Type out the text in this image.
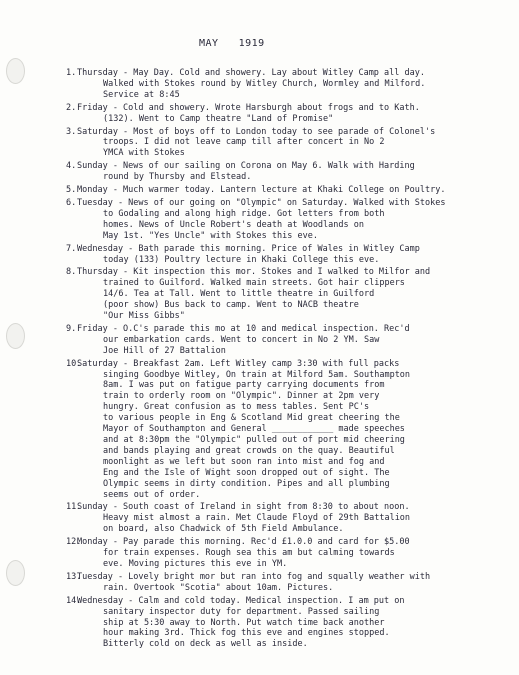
MAY 1919
1. Thursday - May Day. Cold and showery. Lay about Witley Camp all day.
Walked with Stokes round by Witley Church, Wormley and Milford.
Service at 8:45
2. Friday - Cold and showery. Wrote Harsburgh about frogs and to Kath.
(132). Went to Camp theatre "Land of Promise"
3. Saturday - Most of boys off to London today to see parade of Colonel's
troops. I did not leave camp till after concert in No 2
YMCA with Stokes
4. Sunday - News of our sailing on Corona on May 6. Walk with Harding
round by Thursby and Elstead.
5. Monday - Much warmer today. Lantern lecture at Khaki College on Poultry.
6. Tuesday - News of our going on "Olympic" on Saturday. Walked with Stokes
to Godaling and along high ridge. Got letters from both
homes. News of Uncle Robert's death at Woodlands on
May 1st. "Yes Uncle" with Stokes this eve.
7. Wednesday - Bath parade this morning. Price of Wales in Witley Camp
today (133) Poultry lecture in Khaki College this eve.
8. Thursday - Kit inspection this mor. Stokes and I walked to Milfor and
trained to Guilford. Walked main streets. Got hair clippers
14/6. Tea at Tall. Went to little theatre in Guilford
(poor show) Bus back to camp. Went to NACB theatre
"Our Miss Gibbs"
9. Friday - O.C's parade this mo at 10 and medical inspection. Rec'd
our embarkation cards. Went to concert in No 2 YM. Saw
Joe Hill of 27 Battalion
10.
Saturday - Breakfast 2am. Left Witley camp 3:30 with full packs
singing Goodbye Witley, On train at Milford 5am. Southampton
8am. I was put on fatigue party carrying documents from
train to orderly room on "Olympic". Dinner at 2pm very
hungry. Great confusion as to mess tables. Sent PC's
to various people in Eng & Scotland Mid great cheering the
Mayor of Southampton and General ____________ made speeches
and at 8:30pm the "Olympic" pulled out of port mid cheering
and bands playing and great crowds on the quay. Beautiful
moonlight as we left but soon ran into mist and fog and
Eng and the Isle of Wight soon dropped out of sight. The
Olympic seems in dirty condition. Pipes and all plumbing
seems out of order.
11.
Sunday - South coast of Ireland in sight from 8:30 to about noon.
Heavy mist almost a rain. Met Claude Floyd of 29th Battalion
on board, also Chadwick of 5th Field Ambulance.
12.
Monday - Pay parade this morning. Rec'd £1.0.0 and card for $5.00
for train expenses. Rough sea this am but calming towards
eve. Moving pictures this eve in YM.
13.
Tuesday - Lovely bright mor but ran into fog and squally weather with
rain. Overtook "Scotia" about 10am. Pictures.
14.
Wednesday - Calm and cold today. Medical inspection. I am put on
sanitary inspector duty for department. Passed sailing
ship at 5:30 away to North. Put watch time back another
hour making 3rd. Thick fog this eve and engines stopped.
Bitterly cold on deck as well as inside.
